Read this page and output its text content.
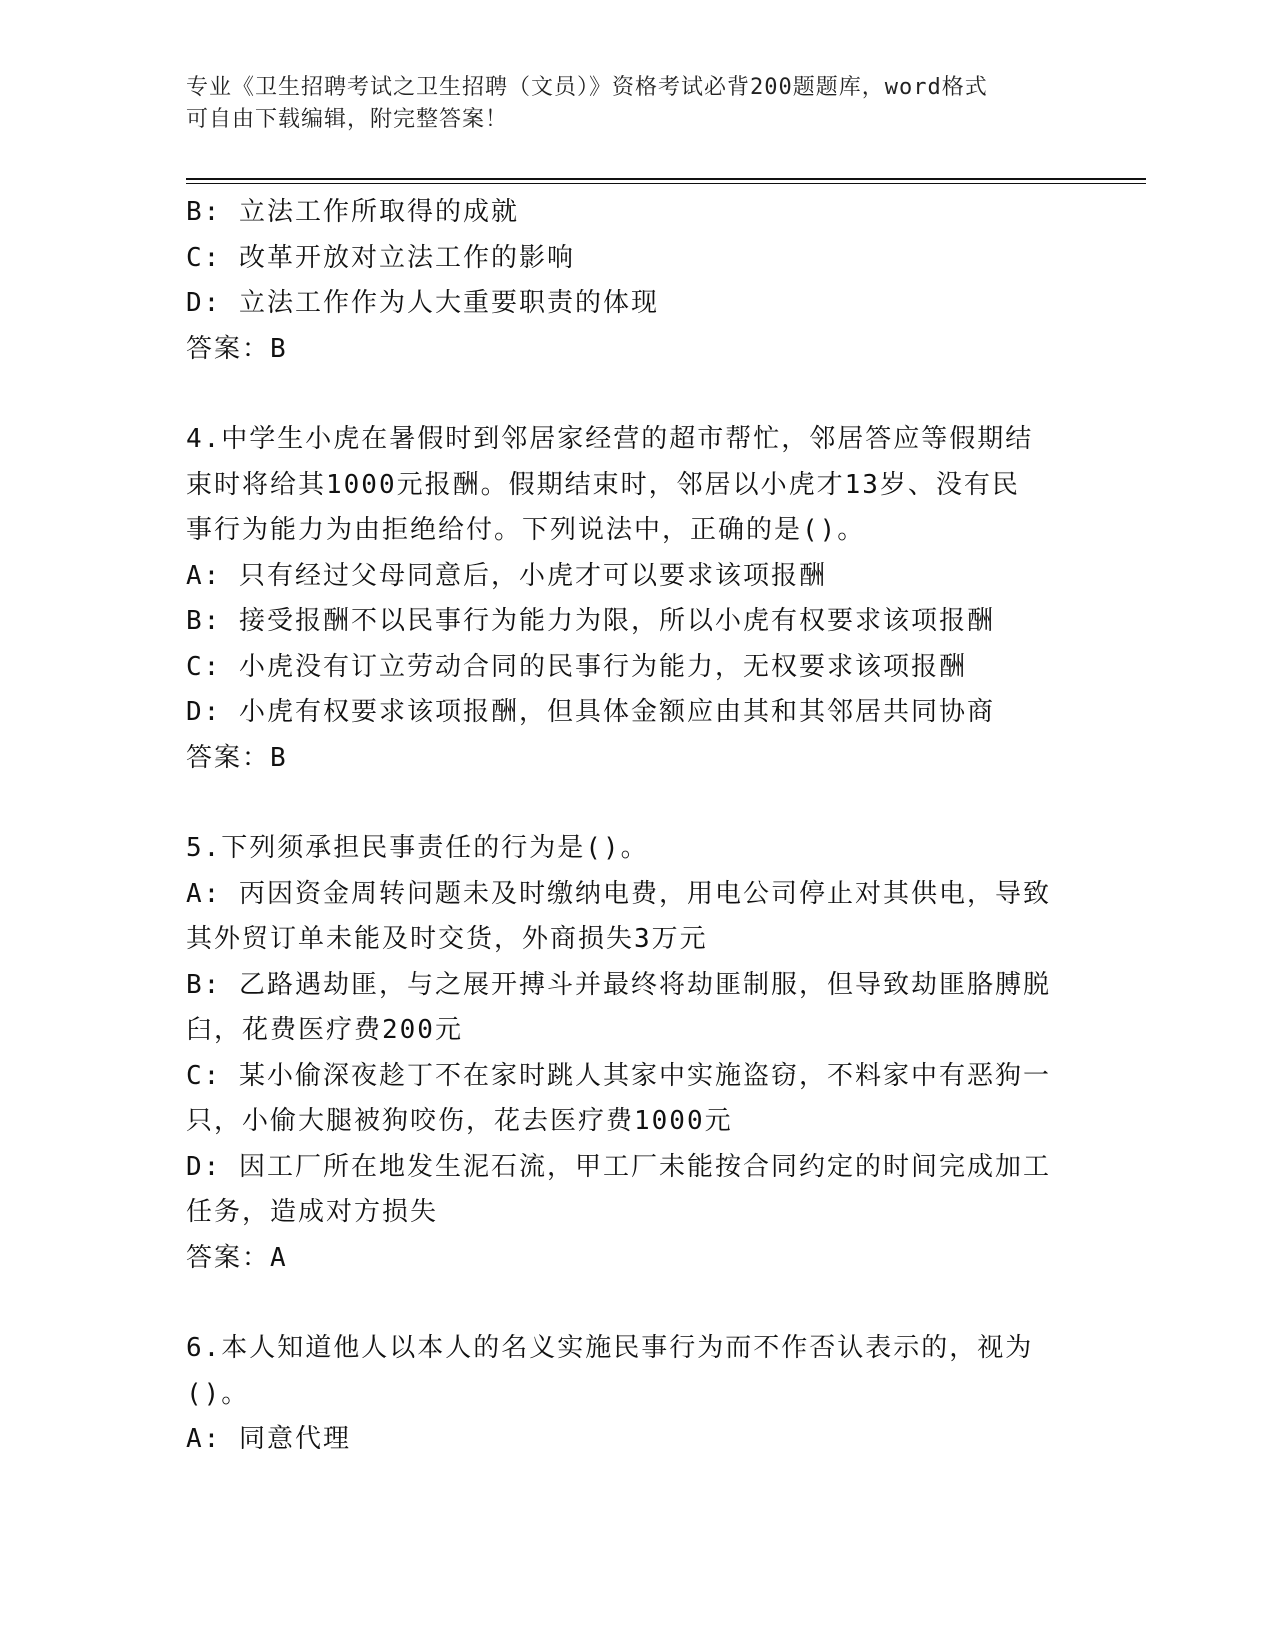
专业《卫生招聘考试之卫生招聘（文员）》资格考试必背200题题库，word格式
可自由下载编辑，附完整答案！

B: 立法工作所取得的成就

C: 改革开放对立法工作的影响

D: 立法工作作为人大重要职责的体现

答案：B

4.中学生小虎在暑假时到邻居家经营的超市帮忙，邻居答应等假期结

束时将给其1000元报酬。假期结束时，邻居以小虎才13岁、没有民

事行为能力为由拒绝给付。下列说法中，正确的是()。

A: 只有经过父母同意后，小虎才可以要求该项报酬

B: 接受报酬不以民事行为能力为限，所以小虎有权要求该项报酬

C: 小虎没有订立劳动合同的民事行为能力，无权要求该项报酬

D: 小虎有权要求该项报酬，但具体金额应由其和其邻居共同协商

答案：B

5.下列须承担民事责任的行为是()。

A: 丙因资金周转问题未及时缴纳电费，用电公司停止对其供电，导致

其外贸订单未能及时交货，外商损失3万元

B: 乙路遇劫匪，与之展开搏斗并最终将劫匪制服，但导致劫匪胳膊脱

臼，花费医疗费200元

C: 某小偷深夜趁丁不在家时跳人其家中实施盗窃，不料家中有恶狗一

只，小偷大腿被狗咬伤，花去医疗费1000元

D: 因工厂所在地发生泥石流，甲工厂未能按合同约定的时间完成加工

任务，造成对方损失

答案：A

6.本人知道他人以本人的名义实施民事行为而不作否认表示的，视为

()。

A: 同意代理
